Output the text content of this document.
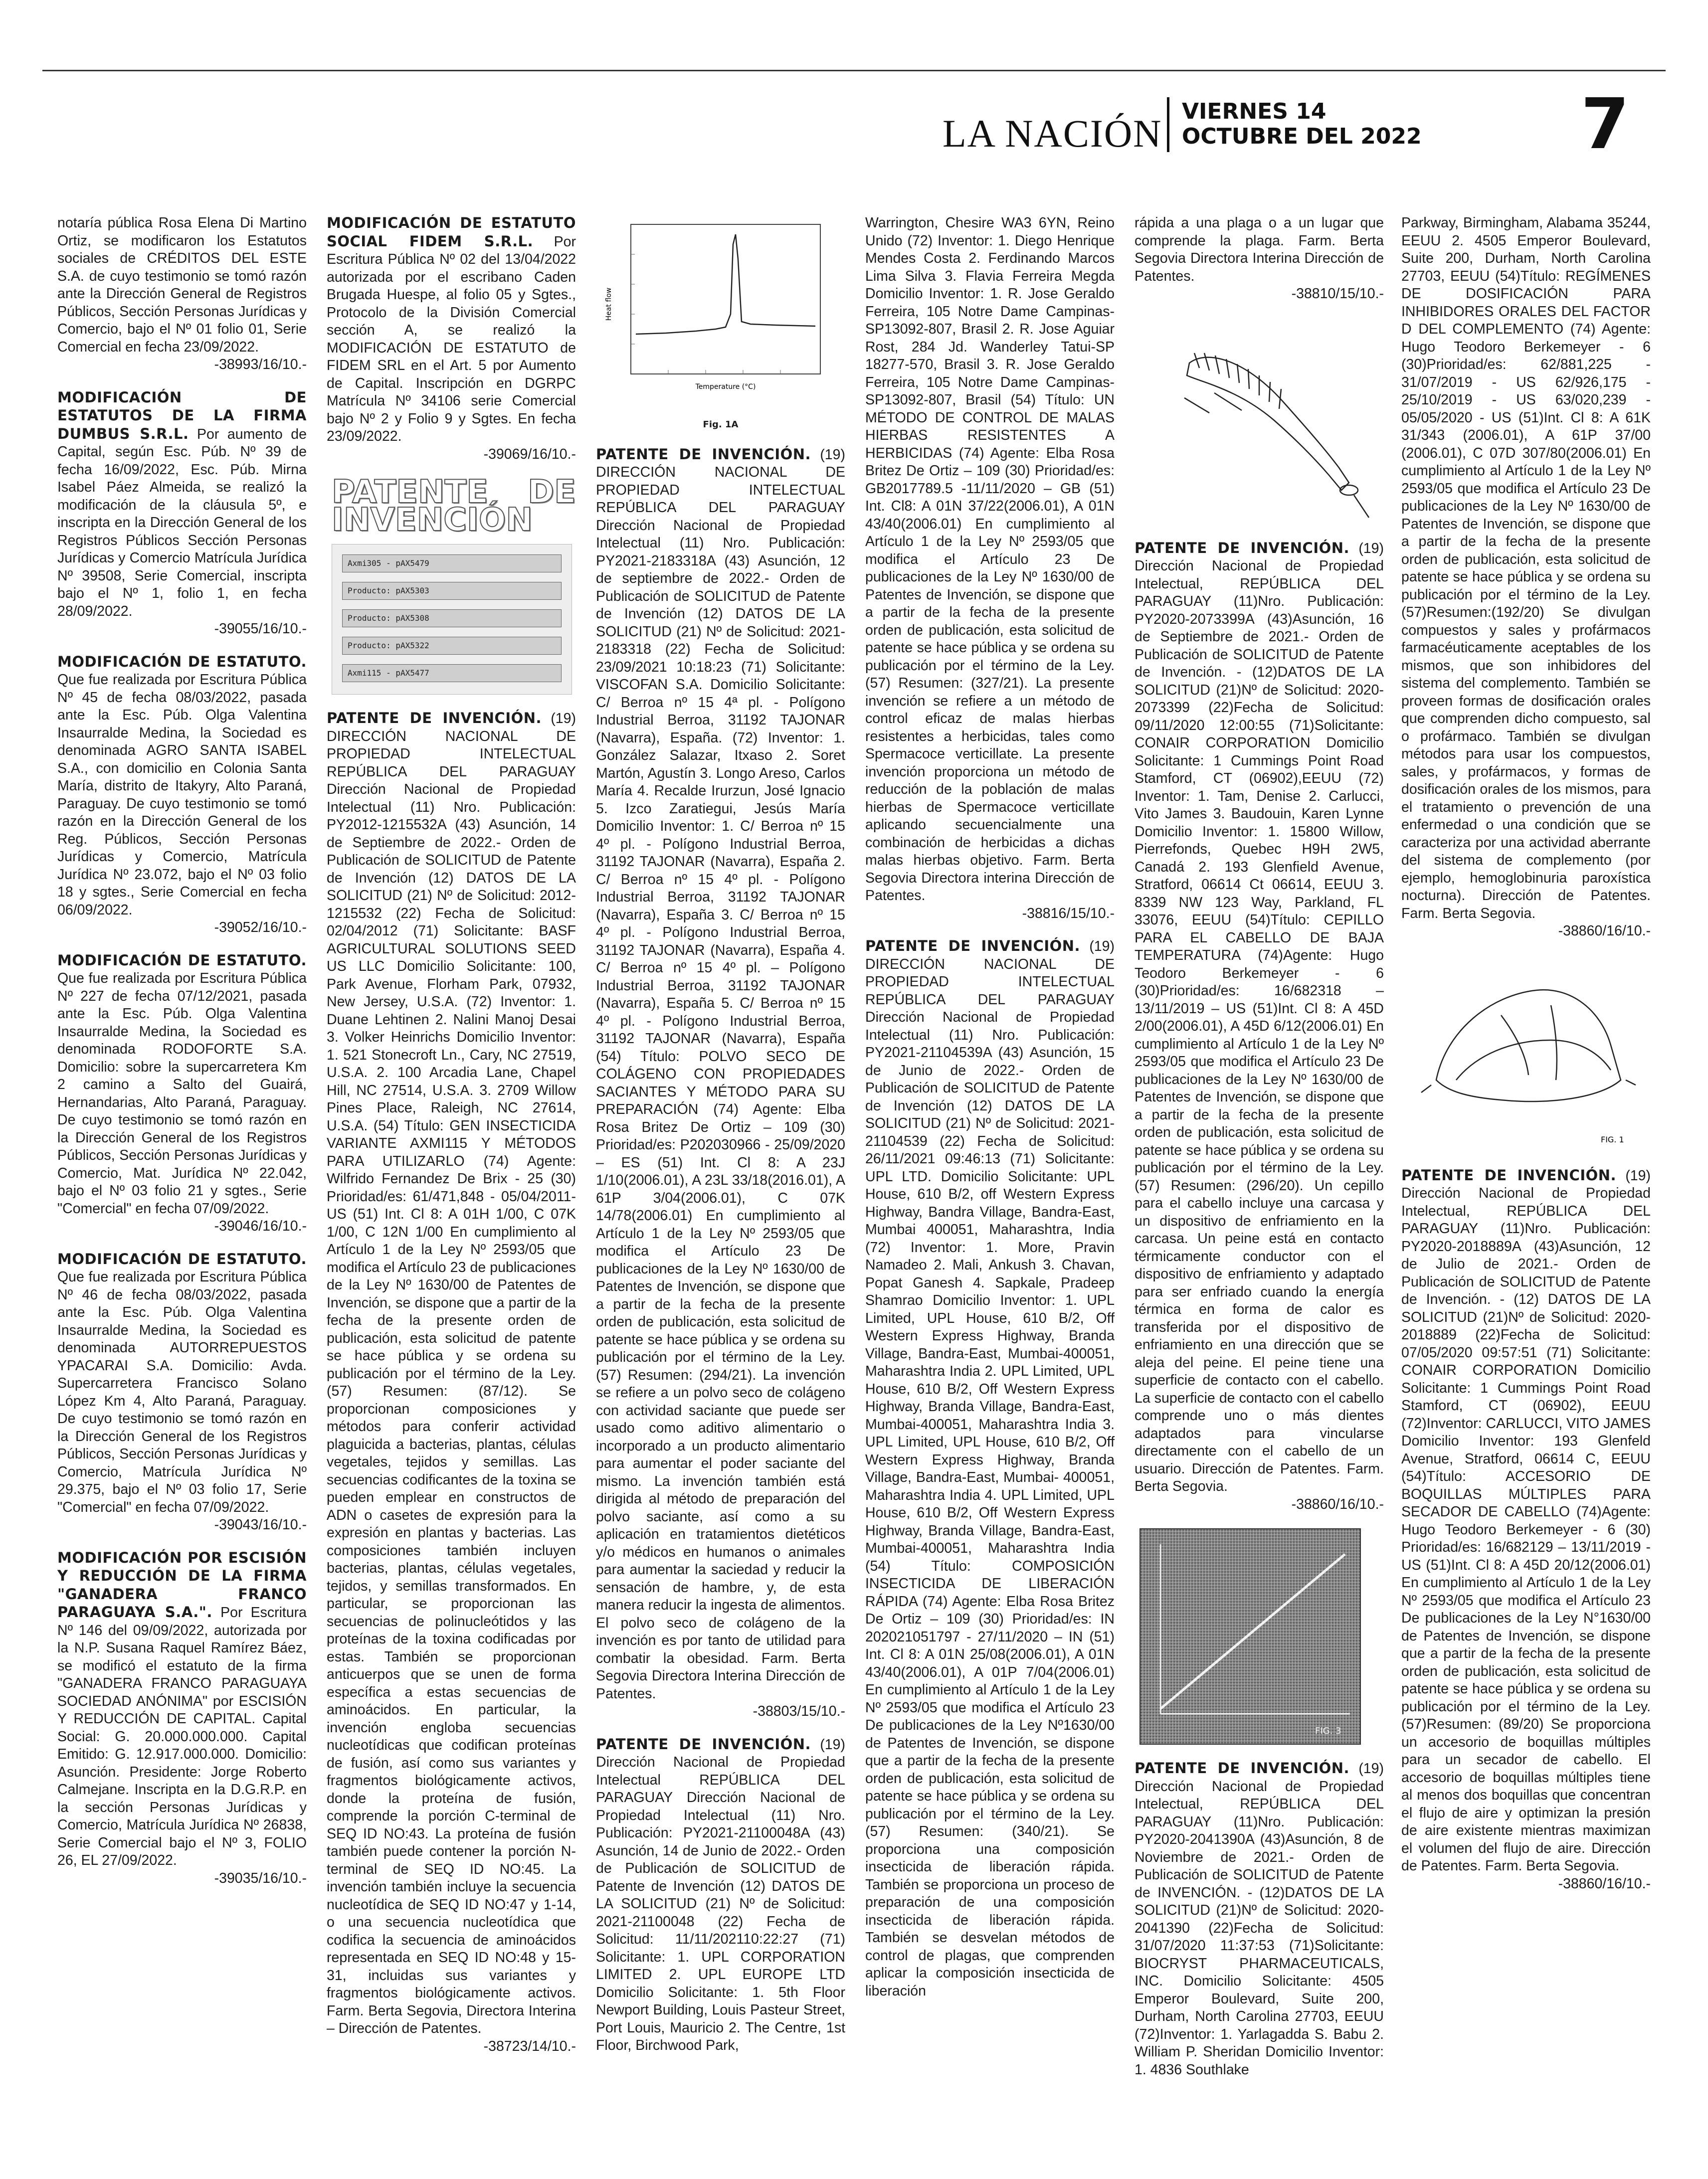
LA NACIÓN
VIERNES 14
OCTUBRE DEL 2022 7

notaría pública Rosa Elena Di Martino Ortiz, se modificaron los Estatutos sociales de CRÉDITOS DEL ESTE S.A. de cuyo testimonio se tomó razón ante la Dirección General de Registros Públicos, Sección Personas Jurídicas y Comercio, bajo el Nº 01 folio 01, Serie Comercial en fecha 23/09/2022.
-38993/16/10.-

MODIFICACIÓN DE ESTATUTOS DE LA FIRMA DUMBUS S.R.L. Por aumento de Capital, según Esc. Púb. Nº 39 de fecha 16/09/2022, Esc. Púb. Mirna Isabel Páez Almeida, se realizó la modificación de la cláusula 5º, e inscripta en la Dirección General de los Registros Públicos Sección Personas Jurídicas y Comercio Matrícula Jurídica Nº 39508, Serie Comercial, inscripta bajo el Nº 1, folio 1, en fecha 28/09/2022.
-39055/16/10.-

MODIFICACIÓN DE ESTATUTO. Que fue realizada por Escritura Pública Nº 45 de fecha 08/03/2022, pasada ante la Esc. Púb. Olga Valentina Insaurralde Medina, la Sociedad es denominada AGRO SANTA ISABEL S.A., con domicilio en Colonia Santa María, distrito de Itakyry, Alto Paraná, Paraguay. De cuyo testimonio se tomó razón en la Dirección General de los Reg. Públicos, Sección Personas Jurídicas y Comercio, Matrícula Jurídica Nº 23.072, bajo el Nº 03 folio 18 y sgtes., Serie Comercial en fecha 06/09/2022.
-39052/16/10.-

MODIFICACIÓN DE ESTATUTO. Que fue realizada por Escritura Pública Nº 227 de fecha 07/12/2021, pasada ante la Esc. Púb. Olga Valentina Insaurralde Medina, la Sociedad es denominada RODOFORTE S.A. Domicilio: sobre la supercarretera Km 2 camino a Salto del Guairá, Hernandarias, Alto Paraná, Paraguay. De cuyo testimonio se tomó razón en la Dirección General de los Registros Públicos, Sección Personas Jurídicas y Comercio, Mat. Jurídica Nº 22.042, bajo el Nº 03 folio 21 y sgtes., Serie "Comercial" en fecha 07/09/2022.
-39046/16/10.-

MODIFICACIÓN DE ESTATUTO. Que fue realizada por Escritura Pública Nº 46 de fecha 08/03/2022, pasada ante la Esc. Púb. Olga Valentina Insaurralde Medina, la Sociedad es denominada AUTORREPUESTOS YPACARAI S.A. Domicilio: Avda. Supercarretera Francisco Solano López Km 4, Alto Paraná, Paraguay. De cuyo testimonio se tomó razón en la Dirección General de los Registros Públicos, Sección Personas Jurídicas y Comercio, Matrícula Jurídica Nº 29.375, bajo el Nº 03 folio 17, Serie "Comercial" en fecha 07/09/2022.
-39043/16/10.-

MODIFICACIÓN POR ESCISIÓN Y REDUCCIÓN DE LA FIRMA "GANADERA FRANCO PARAGUAYA S.A.". Por Escritura Nº 146 del 09/09/2022, autorizada por la N.P. Susana Raquel Ramírez Báez, se modificó el estatuto de la firma "GANADERA FRANCO PARAGUAYA SOCIEDAD ANÓNIMA" por ESCISIÓN Y REDUCCIÓN DE CAPITAL. Capital Social: G. 20.000.000.000. Capital Emitido: G. 12.917.000.000. Domicilio: Asunción. Presidente: Jorge Roberto Calmejane. Inscripta en la D.G.R.P. en la sección Personas Jurídicas y Comercio, Matrícula Jurídica Nº 26838, Serie Comercial bajo el Nº 3, FOLIO 26, EL 27/09/2022.
-39035/16/10.-

MODIFICACIÓN DE ESTATUTO SOCIAL FIDEM S.R.L. Por Escritura Pública Nº 02 del 13/04/2022 autorizada por el escribano Caden Brugada Huespe, al folio 05 y Sgtes., Protocolo de la División Comercial sección A, se realizó la MODIFICACIÓN DE ESTATUTO de FIDEM SRL en el Art. 5 por Aumento de Capital. Inscripción en DGRPC Matrícula Nº 34106 serie Comercial bajo Nº 2 y Folio 9 y Sgtes. En fecha 23/09/2022.
-39069/16/10.-

PATENTE DE INVENCIÓN
Axmi305 - pAX5479
Producto: pAX5303
Producto: pAX5308
Producto: pAX5322
Axmi115 - pAX5477

PATENTE DE INVENCIÓN. (19) DIRECCIÓN NACIONAL DE PROPIEDAD INTELECTUAL REPÚBLICA DEL PARAGUAY Dirección Nacional de Propiedad Intelectual (11) Nro. Publicación: PY2012-1215532A (43) Asunción, 14 de Septiembre de 2022.- Orden de Publicación de SOLICITUD de Patente de Invención (12) DATOS DE LA SOLICITUD (21) Nº de Solicitud: 2012-1215532 (22) Fecha de Solicitud: 02/04/2012 (71) Solicitante: BASF AGRICULTURAL SOLUTIONS SEED US LLC Domicilio Solicitante: 100, Park Avenue, Florham Park, 07932, New Jersey, U.S.A. (72) Inventor: 1. Duane Lehtinen 2. Nalini Manoj Desai 3. Volker Heinrichs Domicilio Inventor: 1. 521 Stonecroft Ln., Cary, NC 27519, U.S.A. 2. 100 Arcadia Lane, Chapel Hill, NC 27514, U.S.A. 3. 2709 Willow Pines Place, Raleigh, NC 27614, U.S.A. (54) Título: GEN INSECTICIDA VARIANTE AXMI115 Y MÉTODOS PARA UTILIZARLO (74) Agente: Wilfrido Fernandez De Brix - 25 (30) Prioridad/es: 61/471,848 - 05/04/2011- US (51) Int. Cl 8: A 01H 1/00, C 07K 1/00, C 12N 1/00 En cumplimiento al Artículo 1 de la Ley Nº 2593/05 que modifica el Artículo 23 de publicaciones de la Ley Nº 1630/00 de Patentes de Invención, se dispone que a partir de la fecha de la presente orden de publicación, esta solicitud de patente se hace pública y se ordena su publicación por el término de la Ley. (57) Resumen: (87/12). Se proporcionan composiciones y métodos para conferir actividad plaguicida a bacterias, plantas, células vegetales, tejidos y semillas. Las secuencias codificantes de la toxina se pueden emplear en constructos de ADN o casetes de expresión para la expresión en plantas y bacterias. Las composiciones también incluyen bacterias, plantas, células vegetales, tejidos, y semillas transformados. En particular, se proporcionan las secuencias de polinucleótidos y las proteínas de la toxina codificadas por estas. También se proporcionan anticuerpos que se unen de forma específica a estas secuencias de aminoácidos. En particular, la invención engloba secuencias nucleotídicas que codifican proteínas de fusión, así como sus variantes y fragmentos biológicamente activos, donde la proteína de fusión, comprende la porción C-terminal de SEQ ID NO:43. La proteína de fusión también puede contener la porción N-terminal de SEQ ID NO:45. La invención también incluye la secuencia nucleotídica de SEQ ID NO:47 y 1-14, o una secuencia nucleotídica que codifica la secuencia de aminoácidos representada en SEQ ID NO:48 y 15-31, incluidas sus variantes y fragmentos biológicamente activos. Farm. Berta Segovia, Directora Interina – Dirección de Patentes.
-38723/14/10.-

Temperature (°C)
Heat flow
Fig. 1A

PATENTE DE INVENCIÓN. (19) DIRECCIÓN NACIONAL DE PROPIEDAD INTELECTUAL REPÚBLICA DEL PARAGUAY Dirección Nacional de Propiedad Intelectual (11) Nro. Publicación: PY2021-2183318A (43) Asunción, 12 de septiembre de 2022.- Orden de Publicación de SOLICITUD de Patente de Invención (12) DATOS DE LA SOLICITUD (21) Nº de Solicitud: 2021-2183318 (22) Fecha de Solicitud: 23/09/2021 10:18:23 (71) Solicitante: VISCOFAN S.A. Domicilio Solicitante: C/ Berroa nº 15 4ª pl. - Polígono Industrial Berroa, 31192 TAJONAR (Navarra), España. (72) Inventor: 1. González Salazar, Itxaso 2. Soret Martón, Agustín 3. Longo Areso, Carlos María 4. Recalde Irurzun, José Ignacio 5. Izco Zaratiegui, Jesús María Domicilio Inventor: 1. C/ Berroa nº 15 4º pl. - Polígono Industrial Berroa, 31192 TAJONAR (Navarra), España 2. C/ Berroa nº 15 4º pl. - Polígono Industrial Berroa, 31192 TAJONAR (Navarra), España 3. C/ Berroa nº 15 4º pl. - Polígono Industrial Berroa, 31192 TAJONAR (Navarra), España 4. C/ Berroa nº 15 4º pl. – Polígono Industrial Berroa, 31192 TAJONAR (Navarra), España 5. C/ Berroa nº 15 4º pl. - Polígono Industrial Berroa, 31192 TAJONAR (Navarra), España (54) Título: POLVO SECO DE COLÁGENO CON PROPIEDADES SACIANTES Y MÉTODO PARA SU PREPARACIÓN (74) Agente: Elba Rosa Britez De Ortiz – 109 (30) Prioridad/es: P202030966 - 25/09/2020 – ES (51) Int. Cl 8: A 23J 1/10(2006.01), A 23L 33/18(2016.01), A 61P 3/04(2006.01), C 07K 14/78(2006.01) En cumplimiento al Artículo 1 de la Ley Nº 2593/05 que modifica el Artículo 23 De publicaciones de la Ley Nº 1630/00 de Patentes de Invención, se dispone que a partir de la fecha de la presente orden de publicación, esta solicitud de patente se hace pública y se ordena su publicación por el término de la Ley. (57) Resumen: (294/21). La invención se refiere a un polvo seco de colágeno con actividad saciante que puede ser usado como aditivo alimentario o incorporado a un producto alimentario para aumentar el poder saciante del mismo. La invención también está dirigida al método de preparación del polvo saciante, así como a su aplicación en tratamientos dietéticos y/o médicos en humanos o animales para aumentar la saciedad y reducir la sensación de hambre, y, de esta manera reducir la ingesta de alimentos. El polvo seco de colágeno de la invención es por tanto de utilidad para combatir la obesidad. Farm. Berta Segovia Directora Interina Dirección de Patentes.
-38803/15/10.-

PATENTE DE INVENCIÓN. (19) Dirección Nacional de Propiedad Intelectual REPÚBLICA DEL PARAGUAY Dirección Nacional de Propiedad Intelectual (11) Nro. Publicación: PY2021-21100048A (43) Asunción, 14 de Junio de 2022.- Orden de Publicación de SOLICITUD de Patente de Invención (12) DATOS DE LA SOLICITUD (21) Nº de Solicitud: 2021-21100048 (22) Fecha de Solicitud: 11/11/202110:22:27 (71) Solicitante: 1. UPL CORPORATION LIMITED 2. UPL EUROPE LTD Domicilio Solicitante: 1. 5th Floor Newport Building, Louis Pasteur Street, Port Louis, Mauricio 2. The Centre, 1st Floor, Birchwood Park,

Warrington, Chesire WA3 6YN, Reino Unido (72) Inventor: 1. Diego Henrique Mendes Costa 2. Ferdinando Marcos Lima Silva 3. Flavia Ferreira Megda Domicilio Inventor: 1. R. Jose Geraldo Ferreira, 105 Notre Dame Campinas-SP13092-807, Brasil 2. R. Jose Aguiar Rost, 284 Jd. Wanderley Tatui-SP 18277-570, Brasil 3. R. Jose Geraldo Ferreira, 105 Notre Dame Campinas-SP13092-807, Brasil (54) Título: UN MÉTODO DE CONTROL DE MALAS HIERBAS RESISTENTES A HERBICIDAS (74) Agente: Elba Rosa Britez De Ortiz – 109 (30) Prioridad/es: GB2017789.5 -11/11/2020 – GB (51) Int. Cl8: A 01N 37/22(2006.01), A 01N 43/40(2006.01) En cumplimiento al Artículo 1 de la Ley Nº 2593/05 que modifica el Artículo 23 De publicaciones de la Ley Nº 1630/00 de Patentes de Invención, se dispone que a partir de la fecha de la presente orden de publicación, esta solicitud de patente se hace pública y se ordena su publicación por el término de la Ley. (57) Resumen: (327/21). La presente invención se refiere a un método de control eficaz de malas hierbas resistentes a herbicidas, tales como Spermacoce verticillate. La presente invención proporciona un método de reducción de la población de malas hierbas de Spermacoce verticillate aplicando secuencialmente una combinación de herbicidas a dichas malas hierbas objetivo. Farm. Berta Segovia Directora interina Dirección de Patentes.
-38816/15/10.-

PATENTE DE INVENCIÓN. (19) DIRECCIÓN NACIONAL DE PROPIEDAD INTELECTUAL REPÚBLICA DEL PARAGUAY Dirección Nacional de Propiedad Intelectual (11) Nro. Publicación: PY2021-21104539A (43) Asunción, 15 de Junio de 2022.- Orden de Publicación de SOLICITUD de Patente de Invención (12) DATOS DE LA SOLICITUD (21) Nº de Solicitud: 2021-21104539 (22) Fecha de Solicitud: 26/11/2021 09:46:13 (71) Solicitante: UPL LTD. Domicilio Solicitante: UPL House, 610 B/2, off Western Express Highway, Bandra Village, Bandra-East, Mumbai 400051, Maharashtra, India (72) Inventor: 1. More, Pravin Namadeo 2. Mali, Ankush 3. Chavan, Popat Ganesh 4. Sapkale, Pradeep Shamrao Domicilio Inventor: 1. UPL Limited, UPL House, 610 B/2, Off Western Express Highway, Branda Village, Bandra-East, Mumbai-400051, Maharashtra India 2. UPL Limited, UPL House, 610 B/2, Off Western Express Highway, Branda Village, Bandra-East, Mumbai-400051, Maharashtra India 3. UPL Limited, UPL House, 610 B/2, Off Western Express Highway, Branda Village, Bandra-East, Mumbai- 400051, Maharashtra India 4. UPL Limited, UPL House, 610 B/2, Off Western Express Highway, Branda Village, Bandra-East, Mumbai-400051, Maharashtra India (54) Título: COMPOSICIÓN INSECTICIDA DE LIBERACIÓN RÁPIDA (74) Agente: Elba Rosa Britez De Ortiz – 109 (30) Prioridad/es: IN 202021051797 - 27/11/2020 – IN (51) Int. Cl 8: A 01N 25/08(2006.01), A 01N 43/40(2006.01), A 01P 7/04(2006.01) En cumplimiento al Artículo 1 de la Ley Nº 2593/05 que modifica el Artículo 23 De publicaciones de la Ley Nº1630/00 de Patentes de Invención, se dispone que a partir de la fecha de la presente orden de publicación, esta solicitud de patente se hace pública y se ordena su publicación por el término de la Ley. (57) Resumen: (340/21). Se proporciona una composición insecticida de liberación rápida. También se proporciona un proceso de preparación de una composición insecticida de liberación rápida. También se desvelan métodos de control de plagas, que comprenden aplicar la composición insecticida de liberación

rápida a una plaga o a un lugar que comprende la plaga. Farm. Berta Segovia Directora Interina Dirección de Patentes.
-38810/15/10.-

PATENTE DE INVENCIÓN. (19) Dirección Nacional de Propiedad Intelectual, REPÚBLICA DEL PARAGUAY (11)Nro. Publicación: PY2020-2073399A (43)Asunción, 16 de Septiembre de 2021.- Orden de Publicación de SOLICITUD de Patente de Invención. - (12)DATOS DE LA SOLICITUD (21)Nº de Solicitud: 2020-2073399 (22)Fecha de Solicitud: 09/11/2020 12:00:55 (71)Solicitante: CONAIR CORPORATION Domicilio Solicitante: 1 Cummings Point Road Stamford, CT (06902),EEUU (72) Inventor: 1. Tam, Denise 2. Carlucci, Vito James 3. Baudouin, Karen Lynne Domicilio Inventor: 1. 15800 Willow, Pierrefonds, Quebec H9H 2W5, Canadá 2. 193 Glenfield Avenue, Stratford, 06614 Ct 06614, EEUU 3. 8339 NW 123 Way, Parkland, FL 33076, EEUU (54)Título: CEPILLO PARA EL CABELLO DE BAJA TEMPERATURA (74)Agente: Hugo Teodoro Berkemeyer - 6 (30)Prioridad/es: 16/682318 – 13/11/2019 – US (51)Int. Cl 8: A 45D 2/00(2006.01), A 45D 6/12(2006.01) En cumplimiento al Artículo 1 de la Ley Nº 2593/05 que modifica el Artículo 23 De publicaciones de la Ley Nº 1630/00 de Patentes de Invención, se dispone que a partir de la fecha de la presente orden de publicación, esta solicitud de patente se hace pública y se ordena su publicación por el término de la Ley. (57) Resumen: (296/20). Un cepillo para el cabello incluye una carcasa y un dispositivo de enfriamiento en la carcasa. Un peine está en contacto térmicamente conductor con el dispositivo de enfriamiento y adaptado para ser enfriado cuando la energía térmica en forma de calor es transferida por el dispositivo de enfriamiento en una dirección que se aleja del peine. El peine tiene una superficie de contacto con el cabello. La superficie de contacto con el cabello comprende uno o más dientes adaptados para vincularse directamente con el cabello de un usuario. Dirección de Patentes. Farm. Berta Segovia.
-38860/16/10.-

FIG. 3

PATENTE DE INVENCIÓN. (19) Dirección Nacional de Propiedad Intelectual, REPÚBLICA DEL PARAGUAY (11)Nro. Publicación: PY2020-2041390A (43)Asunción, 8 de Noviembre de 2021.- Orden de Publicación de SOLICITUD de Patente de INVENCIÓN. - (12)DATOS DE LA SOLICITUD (21)Nº de Solicitud: 2020-2041390 (22)Fecha de Solicitud: 31/07/2020 11:37:53 (71)Solicitante: BIOCRYST PHARMACEUTICALS, INC. Domicilio Solicitante: 4505 Emperor Boulevard, Suite 200, Durham, North Carolina 27703, EEUU (72)Inventor: 1. Yarlagadda S. Babu 2. William P. Sheridan Domicilio Inventor: 1. 4836 Southlake

Parkway, Birmingham, Alabama 35244, EEUU 2. 4505 Emperor Boulevard, Suite 200, Durham, North Carolina 27703, EEUU (54)Título: REGÍMENES DE DOSIFICACIÓN PARA INHIBIDORES ORALES DEL FACTOR D DEL COMPLEMENTO (74) Agente: Hugo Teodoro Berkemeyer - 6 (30)Prioridad/es: 62/881,225 - 31/07/2019 - US 62/926,175 - 25/10/2019 - US 63/020,239 - 05/05/2020 - US (51)Int. Cl 8: A 61K 31/343 (2006.01), A 61P 37/00 (2006.01), C 07D 307/80(2006.01) En cumplimiento al Artículo 1 de la Ley Nº 2593/05 que modifica el Artículo 23 De publicaciones de la Ley Nº 1630/00 de Patentes de Invención, se dispone que a partir de la fecha de la presente orden de publicación, esta solicitud de patente se hace pública y se ordena su publicación por el término de la Ley. (57)Resumen:(192/20) Se divulgan compuestos y sales y profármacos farmacéuticamente aceptables de los mismos, que son inhibidores del sistema del complemento. También se proveen formas de dosificación orales que comprenden dicho compuesto, sal o profármaco. También se divulgan métodos para usar los compuestos, sales, y profármacos, y formas de dosificación orales de los mismos, para el tratamiento o prevención de una enfermedad o una condición que se caracteriza por una actividad aberrante del sistema de complemento (por ejemplo, hemoglobinuria paroxística nocturna). Dirección de Patentes. Farm. Berta Segovia.
-38860/16/10.-

FIG. 1

PATENTE DE INVENCIÓN. (19) Dirección Nacional de Propiedad Intelectual, REPÚBLICA DEL PARAGUAY (11)Nro. Publicación: PY2020-2018889A (43)Asunción, 12 de Julio de 2021.- Orden de Publicación de SOLICITUD de Patente de Invención. - (12) DATOS DE LA SOLICITUD (21)Nº de Solicitud: 2020-2018889 (22)Fecha de Solicitud: 07/05/2020 09:57:51 (71) Solicitante: CONAIR CORPORATION Domicilio Solicitante: 1 Cummings Point Road Stamford, CT (06902), EEUU (72)Inventor: CARLUCCI, VITO JAMES Domicilio Inventor: 193 Glenfeld Avenue, Stratford, 06614 C, EEUU (54)Título: ACCESORIO DE BOQUILLAS MÚLTIPLES PARA SECADOR DE CABELLO (74)Agente: Hugo Teodoro Berkemeyer - 6 (30) Prioridad/es: 16/682129 – 13/11/2019 - US (51)Int. Cl 8: A 45D 20/12(2006.01) En cumplimiento al Artículo 1 de la Ley Nº 2593/05 que modifica el Artículo 23 De publicaciones de la Ley N°1630/00 de Patentes de Invención, se dispone que a partir de la fecha de la presente orden de publicación, esta solicitud de patente se hace pública y se ordena su publicación por el término de la Ley. (57)Resumen: (89/20) Se proporciona un accesorio de boquillas múltiples para un secador de cabello. El accesorio de boquillas múltiples tiene al menos dos boquillas que concentran el flujo de aire y optimizan la presión de aire existente mientras maximizan el volumen del flujo de aire. Dirección de Patentes. Farm. Berta Segovia.
-38860/16/10.-
